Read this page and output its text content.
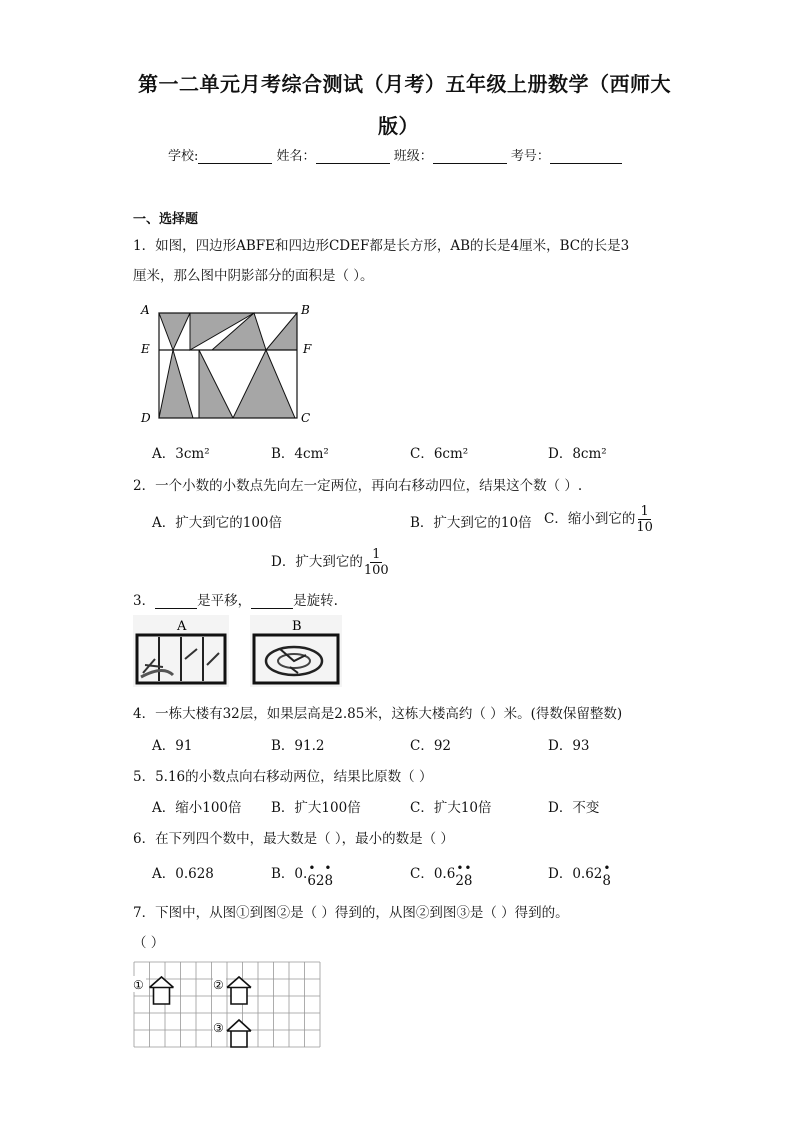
第一二单元月考综合测试（月考）五年级上册数学（西师大
版）
学校:	姓名：	班级：	考号：
一、选择题
1．如图，四边形ABFE和四边形CDEF都是长方形，AB的长是4厘米，BC的长是3
厘米，那么图中阴影部分的面积是（ ）。
A	B
E	F
D	C
A．3cm²	B．4cm²	C．6cm²	D．8cm²
2．一个小数的小数点先向左一定两位，再向右移动四位，结果这个数（ ）.
A．扩大到它的100倍	B．扩大到它的10倍 C．缩小到它的 $\frac{1}{10}$
D．扩大到它的 $\frac{1}{100}$
3．	是平移，	是旋转.
A	B
4．一栋大楼有32层，如果层高是2.85米，这栋大楼高约（ ）米。(得数保留整数)
A．91	B．91.2	C．92	D．93
5．5.16的小数点向右移动两位，结果比原数（ ）
A．缩小100倍 B．扩大100倍	C．扩大10倍	D．不变
6．在下列四个数中，最大数是（ ），最小的数是（ ）
A．0.628	B．0. • •
628	C．0.6 • •
28	D．0.62 •
8
7．下图中，从图①到图②是（ ）得到的，从图②到图③是（ ）得到的。
（ ）
①	②
③
